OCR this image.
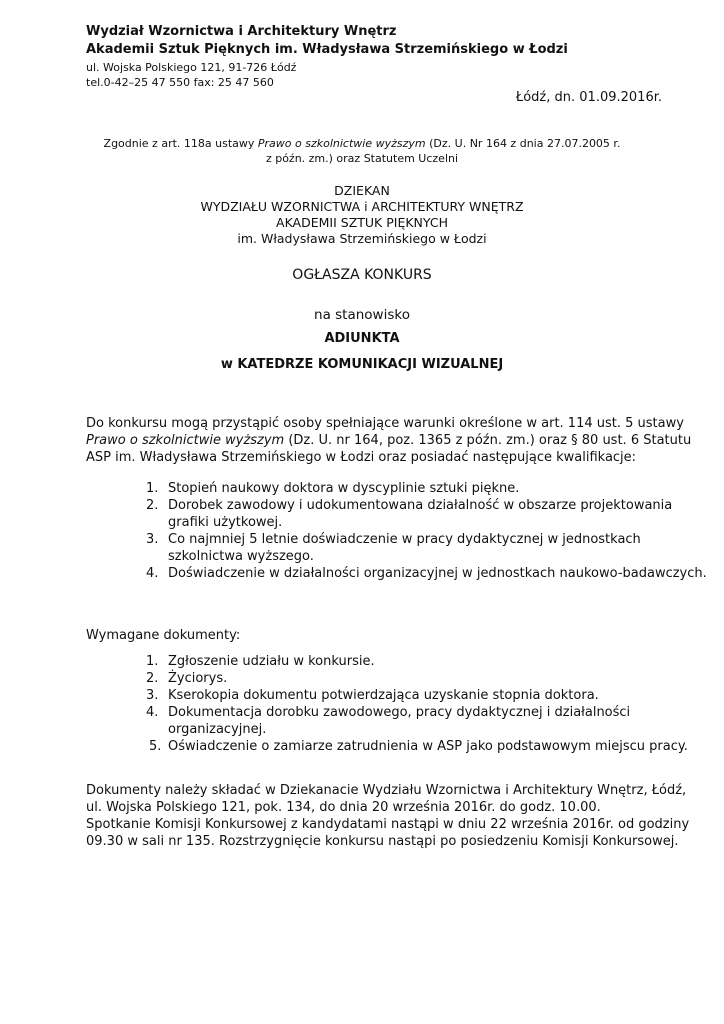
Wydział Wzornictwa i Architektury Wnętrz
Akademii Sztuk Pięknych im. Władysława Strzemińskiego w Łodzi
ul. Wojska Polskiego 121, 91-726 Łódź
tel.0-42–25 47 550 fax: 25 47 560
Łódź, dn. 01.09.2016r.
Zgodnie z art. 118a ustawy Prawo o szkolnictwie wyższym (Dz. U. Nr 164 z dnia 27.07.2005 r.
z późn. zm.) oraz Statutem Uczelni
DZIEKAN
WYDZIAŁU WZORNICTWA i ARCHITEKTURY WNĘTRZ
AKADEMII SZTUK PIĘKNYCH
im. Władysława Strzemińskiego w Łodzi
OGŁASZA KONKURS
na stanowisko
ADIUNKTA
w KATEDRZE KOMUNIKACJI WIZUALNEJ
Do konkursu mogą przystąpić osoby spełniające warunki określone w art. 114 ust. 5 ustawy
Prawo o szkolnictwie wyższym (Dz. U. nr 164, poz. 1365 z późn. zm.) oraz § 80 ust. 6 Statutu
ASP im. Władysława Strzemińskiego w Łodzi oraz posiadać następujące kwalifikacje:
1. Stopień naukowy doktora w dyscyplinie sztuki piękne.
2. Dorobek zawodowy i udokumentowana działalność w obszarze projektowania
grafiki użytkowej.
3. Co najmniej 5 letnie doświadczenie w pracy dydaktycznej w jednostkach
szkolnictwa wyższego.
4. Doświadczenie w działalności organizacyjnej w jednostkach naukowo-badawczych.
Wymagane dokumenty:
1. Zgłoszenie udziału w konkursie.
2. Życiorys.
3. Kserokopia dokumentu potwierdzająca uzyskanie stopnia doktora.
4. Dokumentacja dorobku zawodowego, pracy dydaktycznej i działalności
organizacyjnej.
5. Oświadczenie o zamiarze zatrudnienia w ASP jako podstawowym miejscu pracy.
Dokumenty należy składać w Dziekanacie Wydziału Wzornictwa i Architektury Wnętrz, Łódź,
ul. Wojska Polskiego 121, pok. 134, do dnia 20 września 2016r. do godz. 10.00.
Spotkanie Komisji Konkursowej z kandydatami nastąpi w dniu 22 września 2016r. od godziny
09.30 w sali nr 135. Rozstrzygnięcie konkursu nastąpi po posiedzeniu Komisji Konkursowej.
